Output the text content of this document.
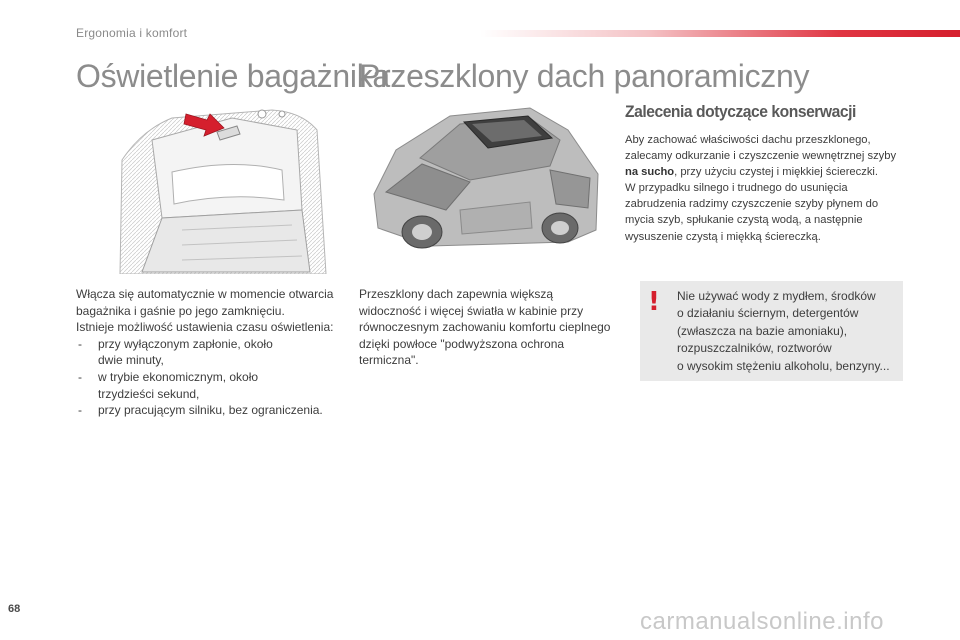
Ergonomia i komfort
Oświetlenie bagażnika
Przeszklony dach panoramiczny

Włącza się automatycznie w momencie otwarcia

bagażnika i gaśnie po jego zamknięciu.

Istnieje możliwość ustawienia czasu oświetlenia:

- przy wyłączonym zapłonie, około
dwie minuty,
- w trybie ekonomicznym, około
trzydzieści sekund,
- przy pracującym silniku, bez ograniczenia.

Przeszklony dach zapewnia większą

widoczność i więcej światła w kabinie przy

równoczesnym zachowaniu komfortu cieplnego

dzięki powłoce "podwyższona ochrona

termiczna".

Zalecenia dotyczące konserwacji

Aby zachować właściwości dachu przeszklonego, zalecamy odkurzanie i czyszczenie wewnętrznej szyby na sucho, przy użyciu czystej i miękkiej ściereczki.

W przypadku silnego i trudnego do usunięcia zabrudzenia radzimy czyszczenie szyby płynem do mycia szyb, spłukanie czystą wodą, a następnie wysuszenie czystą i miękką ściereczką.

! Nie używać wody z mydłem, środków

o działaniu ściernym, detergentów

(zwłaszcza na bazie amoniaku),

rozpuszczalników, roztworów

o wysokim stężeniu alkoholu, benzyny...

68	carmanualsonline.info
